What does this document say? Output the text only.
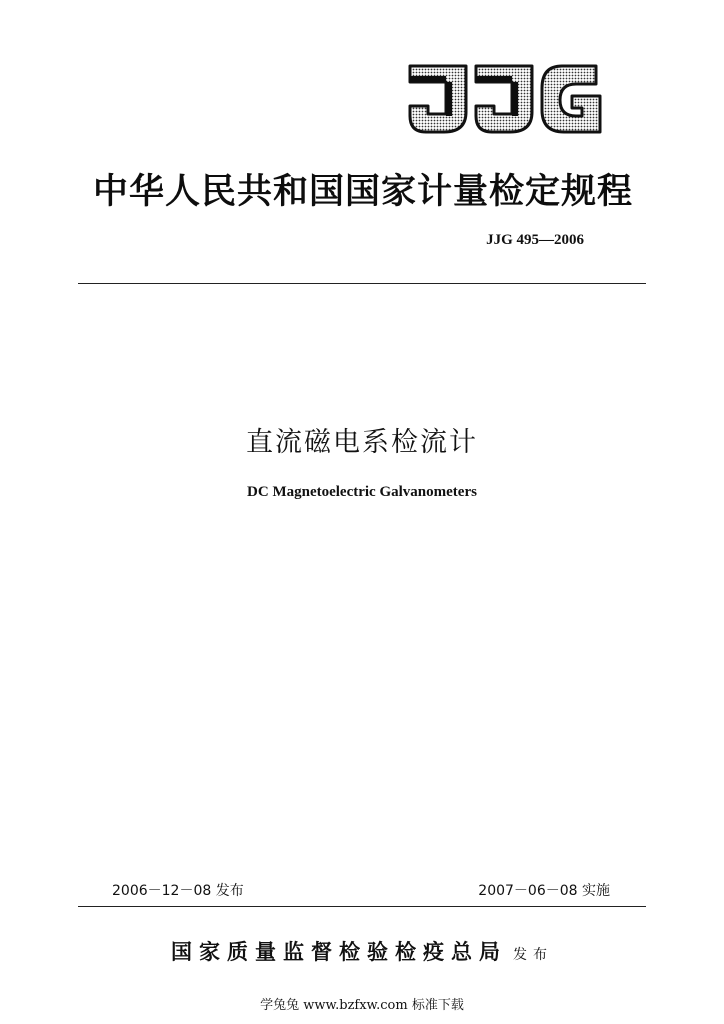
中华人民共和国国家计量检定规程
JJG 495—2006
直流磁电系检流计
DC Magnetoelectric Galvanometers
2006－12－08 发布	2007－06－08 实施
国家质量监督检验检疫总局 发布
学兔兔 www.bzfxw.com 标准下载
